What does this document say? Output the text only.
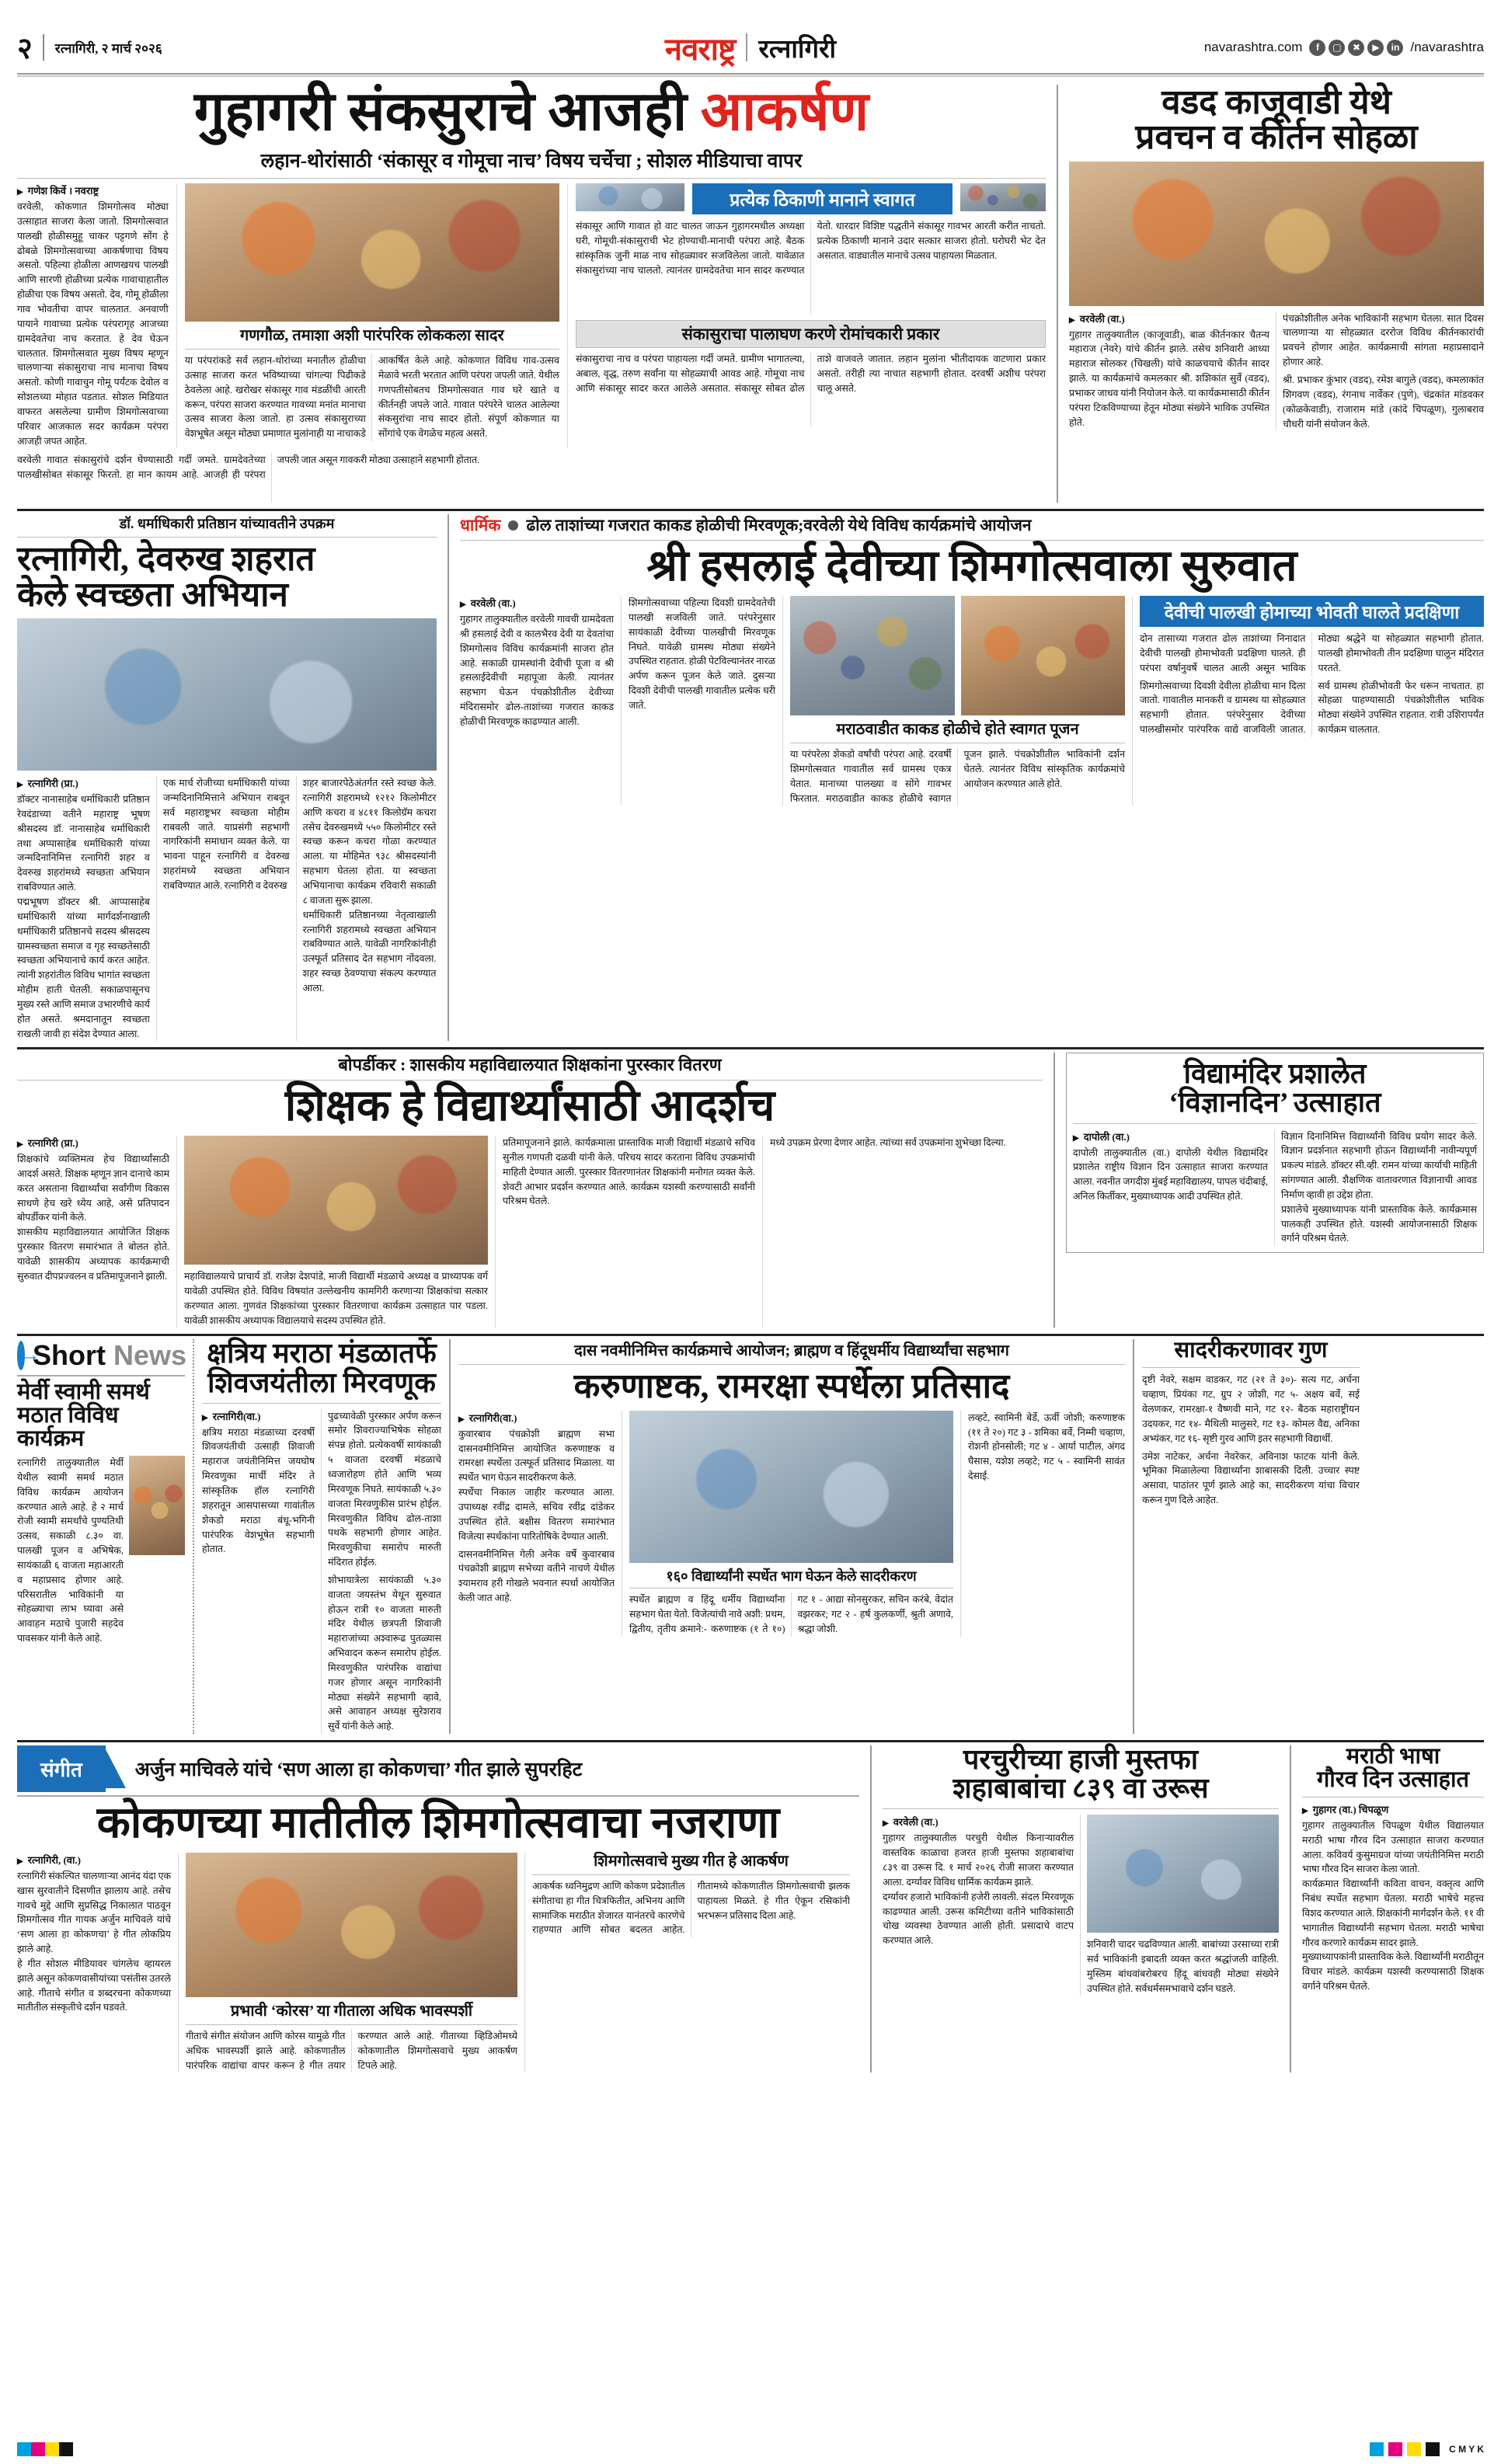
२ रत्नागिरी, २ मार्च २०२६	नवराष्ट्र रत्नागिरी	navarashtra.com	f	▢	✖	▶	in /navarashtra
गुहागरी संकसुराचे आजही आकर्षण
लहान-थोरांसाठी ‘संकासूर व गोमूचा नाच’ विषय चर्चेचा ; सोशल मीडियाचा वापर
▶ गणेश किर्वे । नवराष्ट्र
वरवेली, कोकणात शिमगोत्सव मोठ्या उत्साहात साजरा केला जातो. शिमगोत्सवात पालखी होळीसमुहू चाकर पट्टगणे सोंग हे ढोबळे शिमगोत्सवाच्या आकर्षणाचा विषय असतो. पहिल्या होळीला आणखयच पालखी आणि सारणी होळीच्या प्रत्येक गावाचाहातील होळीचा एक विषय असतो. देव, गोमू होळीला गाव भोवतीचा वापर चालतात. अनवाणी पायाने गावाच्या प्रत्येक परंपरागृह आजच्या ग्रामदेवतेचा नाच करतात. हे देव घेऊन चालतात. शिमगोत्सवात मुख्य विषय म्हणून चालणाऱ्या संकासुराचा नाच मानाचा विषय असतो. कोणी गावाचुन गोमू पर्यंटक देवोल व सोशलच्या मोहात पडतात. सोशल मिडियात वाफरत असलेल्या ग्रामीण शिमगोत्सवाच्या परिवार आजकाल सदर कार्यक्रम परंपरा आजही जपत आहेत.
गणगौळ, तमाशा अशी पारंपरिक लोककला सादर
या परंपरांकडे सर्व लहान-थोरांच्या मनातील होळीचा उत्साह साजरा करत भविष्याच्या चांगल्या पिढीकडे ठेवलेला आहे. खरोखर संकासूर गाव मंडळींची आरती करून, परंपरा साजरा करण्यात गावच्या मनांत मानाचा उत्सव साजरा केला जातो. हा उत्सव संकासुराच्या वेशभूषेत असून मोठ्या प्रमाणात मुलांनाही या नाचाकडे आकर्षित केले आहे. कोकणात विविध गाव-उत्सव मेळावे भरती भरतात आणि परंपरा जपली जाते. येथील गणपतीसोबतच शिमगोत्सवात गाव घरे खाते व कीर्तनही जपले जाते. गावात परंपरेने चालत आलेल्या संकसुरांचा नाच सादर होतो. संपूर्ण कोकणात या सोंगांचे एक वेगळेच महत्व असते.
प्रत्येक ठिकाणी मानाने स्वागत
संकासूर आणि गावात हो वाट चालत जाऊन गुहागरमधील अध्यक्षा घरी, गोमूची-संकासुराची भेट होण्याची-मानाची परंपरा आहे. बैठक सांस्कृतिक जुनी माळ नाच सोहळ्यावर सजविलेला जातो. यावेळात संकासुरांच्या नाच चालतो. त्यानंतर ग्रामदेवतेचा मान सादर करण्यात येतो. धारदार विशिष्ट पद्धतीने संकासूर गावभर आरती करीत नाचतो. प्रत्येक ठिकाणी मानाने उदार सत्कार साजरा होतो. घरोघरी भेट देत असतात. वाड्यातील मानाचे उत्सव पाहायला मिळतात.
संकासुराचा पालाघण करणे रोमांचकारी प्रकार
संकासुराचा नाच व परंपरा पाहायला गर्दी जमते. ग्रामीण भागातल्या, अबाल, वृद्ध, तरुण सर्वांना या सोहळ्याची आवड आहे. गोमूचा नाच आणि संकासूर सादर करत आलेले असतात. संकासूर सोबत ढोल ताशे वाजवले जातात. लहान मुलांना भीतीदायक वाटणारा प्रकार असतो. तरीही त्या नाचात सहभागी होतात. दरवर्षी अशीच परंपरा चालू असते.
वरवेली गावात संकासुरांचे दर्शन घेण्यासाठी गर्दी जमते. ग्रामदेवतेच्या पालखीसोबत संकासूर फिरतो. हा मान कायम आहे. आजही ही परंपरा जपली जात असून गावकरी मोठ्या उत्साहाने सहभागी होतात.
वडद काजूवाडी येथे
प्रवचन व कीर्तन सोहळा
▶ वरवेली (वा.)
गुहागर तालुक्यातील (काजूवाडी), बाळ कीर्तनकार चैतन्य महाराज (नेवरे) यांचे कीर्तन झाले. तसेच शनिवारी आध्या महाराज सोलकर (चिखली) यांचे काळचयाचे कीर्तन सादर झाले. या कार्यक्रमांचे कमलकार श्री. शशिकांत सुर्वे (वडद), प्रभाकर जाधव यांनी नियोजन केले. या कार्यक्रमासाठी कीर्तन परंपरा टिकविण्याच्या हेतून मोठ्या संख्येने भाविक उपस्थित होते.
पंचक्रोशीतील अनेक भाविकांनी सहभाग घेतला. सात दिवस चालणाऱ्या या सोहळ्यात दररोज विविध कीर्तनकारांची प्रवचने होणार आहेत. कार्यक्रमाची सांगता महाप्रसादाने होणार आहे.
श्री. प्रभाकर कुंभार (वडद), रमेश बागुले (वडद), कमलाकांत शिगवण (वडद), रंगनाथ नार्वेकर (पुणे), चंद्रकांत मांडवकर (कोळकेवाडी), राजाराम मांडे (कांदे चिपळूण), गुलाबराव चौधरी यांनी संयोजन केले.
डॉ. धर्माधिकारी प्रतिष्ठान यांच्यावतीने उपक्रम
रत्नागिरी, देवरुख शहरात
केले स्वच्छता अभियान
▶ रत्नागिरी (प्रा.)
डॉक्टर नानासाहेब धर्माधिकारी प्रतिष्ठान रेवदंडाच्या वतीने महाराष्ट्र भूषण श्रीसदस्य डॉ. नानासाहेब धर्माधिकारी तथा अप्पासाहेब धर्माधिकारी यांच्या जन्मदिनानिमित्त रत्नागिरी शहर व देवरुख शहरांमध्ये स्वच्छता अभियान राबविण्यात आले.
पद्मभूषण डॉक्टर श्री. आप्पासाहेब धर्माधिकारी यांच्या मार्गदर्शनाखाली धर्माधिकारी प्रतिष्ठानचे सदस्य श्रीसदस्य ग्रामस्वच्छता समाज व गृह स्वच्छतेसाठी स्वच्छता अभियानाचे कार्य करत आहेत. त्यांनी शहरांतील विविध भागांत स्वच्छता मोहीम हाती घेतली. सकाळपासूनच मुख्य रस्ते आणि समाज उभारणीचे कार्य होत असते. श्रमदानातून स्वच्छता राखली जावी हा संदेश देण्यात आला.
एक मार्च रोजीच्या धर्माधिकारी यांच्या जन्मदिनानिमित्ताने अभियान राबवून सर्व महाराष्ट्रभर स्वच्छता मोहीम राबवली जाते. याप्रसंगी सहभागी नागरिकांनी समाधान व्यक्त केले. या भावना पाहून रत्नागिरी व देवरुख शहरांमध्ये स्वच्छता अभियान राबविण्यात आले. रत्नागिरी व देवरुख
शहर बाजारपेठेअंतर्गत रस्ते स्वच्छ केले. रत्नागिरी शहरामध्ये १२१२ किलोमीटर आणि कचरा व ४८११ किलोग्रॅम कचरा तसेच देवरुखमध्ये ५५० किलोमीटर रस्ते स्वच्छ करून कचरा गोळा करण्यात आला. या मोहिमेत ९३८ श्रीसदस्यांनी सहभाग घेतला होता. या स्वच्छता अभियानाचा कार्यक्रम रविवारी सकाळी ८ वाजता सुरू झाला.
धर्माधिकारी प्रतिष्ठानच्या नेतृत्वाखाली रत्नागिरी शहरामध्ये स्वच्छता अभियान राबविण्यात आले. यावेळी नागरिकांनीही उत्स्फूर्त प्रतिसाद देत सहभाग नोंदवला. शहर स्वच्छ ठेवण्याचा संकल्प करण्यात आला.
धार्मिक ढोल ताशांच्या गजरात काकड होळीची मिरवणूक;वरवेली येथे विविध कार्यक्रमांचे आयोजन
श्री हसलाई देवीच्या शिमगोत्सवाला सुरुवात
▶ वरवेली (वा.)
गुहागर तालुक्यातील वरवेली गावची ग्रामदेवता श्री हसलाई देवी व कालभैरव देवी या देवतांचा शिमगोत्सव विविध कार्यक्रमांनी साजरा होत आहे. सकाळी ग्रामस्थांनी देवीची पूजा व श्री हसलाईदेवीची महापूजा केली. त्यानंतर सहभाग घेऊन पंचक्रोशीतील देवीच्या मंदिरासमोर ढोल-ताशांच्या गजरात काकड होळीची मिरवणूक काढण्यात आली.
शिमगोत्सवाच्या पहिल्या दिवशी ग्रामदेवतेची पालखी सजविली जाते. परंपरेनुसार सायंकाळी देवीच्या पालखीची मिरवणूक निघते. यावेळी ग्रामस्थ मोठ्या संख्येने उपस्थित राहतात. होळी पेटविल्यानंतर नारळ अर्पण करून पूजन केले जाते. दुसऱ्या दिवशी देवीची पालखी गावातील प्रत्येक घरी जाते.
मराठवाडीत काकड होळीचे होते स्वागत पूजन
या परंपरेला शेकडो वर्षांची परंपरा आहे. दरवर्षी शिमगोत्सवात गावातील सर्व ग्रामस्थ एकत्र येतात. मानाच्या पालख्या व सोंगे गावभर फिरतात. मराठवाडीत काकड होळीचे स्वागत पूजन झाले. पंचक्रोशीतील भाविकांनी दर्शन घेतले. त्यानंतर विविध सांस्कृतिक कार्यक्रमांचे आयोजन करण्यात आले होते.
देवीची पालखी होमाच्या भोवती घालते प्रदक्षिणा
दोन तासाच्या गजरात ढोल ताशांच्या निनादात देवीची पालखी होमाभोवती प्रदक्षिणा घालते. ही परंपरा वर्षानुवर्षे चालत आली असून भाविक मोठ्या श्रद्धेने या सोहळ्यात सहभागी होतात. पालखी होमाभोवती तीन प्रदक्षिणा घालून मंदिरात परतते.
शिमगोत्सवाच्या दिवशी देवीला होळीचा मान दिला जातो. गावातील मानकरी व ग्रामस्थ या सोहळ्यात सहभागी होतात. परंपरेनुसार देवीच्या पालखीसमोर पारंपरिक वाद्ये वाजविली जातात. सर्व ग्रामस्थ होळीभोवती फेर धरून नाचतात. हा सोहळा पाहण्यासाठी पंचक्रोशीतील भाविक मोठ्या संख्येने उपस्थित राहतात. रात्री उशिरापर्यंत कार्यक्रम चालतात.
बोपर्डीकर : शासकीय महाविद्यालयात शिक्षकांना पुरस्कार वितरण
शिक्षक हे विद्यार्थ्यांसाठी आदर्शच
▶ रत्नागिरी (प्रा.)
शिक्षकांचे व्यक्तिमत्व हेच विद्यार्थ्यांसाठी आदर्श असते. शिक्षक म्हणून ज्ञान दानाचे काम करत असताना विद्यार्थ्यांचा सर्वांगीण विकास साधणे हेच खरे ध्येय आहे, असे प्रतिपादन बोपर्डीकर यांनी केले.
शासकीय महाविद्यालयात आयोजित शिक्षक पुरस्कार वितरण समारंभात ते बोलत होते. यावेळी शासकीय अध्यापक कार्यक्रमाची सुरुवात दीपप्रज्वलन व प्रतिमापूजनाने झाली. महाविद्यालयाचे प्राचार्य डॉ. राजेश देशपांडे, माजी विद्यार्थी मंडळाचे अध्यक्ष व प्राध्यापक वर्ग यावेळी उपस्थित होते. विविध विषयांत उल्लेखनीय कामगिरी करणाऱ्या शिक्षकांचा सत्कार करण्यात आला. गुणवंत शिक्षकांच्या पुरस्कार वितरणाचा कार्यक्रम उत्साहात पार पडला. यावेळी शासकीय अध्यापक विद्यालयाचे सदस्य उपस्थित होते.
प्रतिमापूजनाने झाले. कार्यक्रमाला प्रास्ताविक माजी विद्यार्थी मंडळाचे सचिव सुनील गणपती दळवी यांनी केले. परिचय सादर करताना विविध उपक्रमांची माहिती देण्यात आली. पुरस्कार वितरणानंतर शिक्षकांनी मनोगत व्यक्त केले. शेवटी आभार प्रदर्शन करण्यात आले. कार्यक्रम यशस्वी करण्यासाठी सर्वांनी परिश्रम घेतले.
मध्ये उपक्रम प्रेरणा देणार आहेत. त्यांच्या सर्व उपक्रमांना शुभेच्छा दिल्या.
विद्यामंदिर प्रशालेत
‘विज्ञानदिन’ उत्साहात
▶ दापोली (वा.)
दापोली तालुक्यातील (वा.) दापोली येथील विद्यामंदिर प्रशालेत राष्ट्रीय विज्ञान दिन उत्साहात साजरा करण्यात आला. नवनीत जगदीश मुंबई महाविद्यालय, पापल चंदीबाई, अनिल किर्तीकर, मुख्याध्यापक आदी उपस्थित होते.
विज्ञान दिनानिमित्त विद्यार्थ्यांनी विविध प्रयोग सादर केले. विज्ञान प्रदर्शनात सहभागी होऊन विद्यार्थ्यांनी नावीन्यपूर्ण प्रकल्प मांडले. डॉक्टर सी.व्ही. रामन यांच्या कार्याची माहिती सांगण्यात आली. शैक्षणिक वातावरणात विज्ञानाची आवड निर्माण व्हावी हा उद्देश होता.
प्रशालेचे मुख्याध्यापक यांनी प्रास्ताविक केले. कार्यक्रमास पालकही उपस्थित होते. यशस्वी आयोजनासाठी शिक्षक वर्गाने परिश्रम घेतले.
→
Short News
मेर्वी स्वामी समर्थ
मठात विविध कार्यक्रम
रत्नागिरी तालुक्यातील मेर्वी येथील स्वामी समर्थ मठात विविध कार्यक्रम आयोजन करण्यात आले आहे. हे २ मार्च रोजी स्वामी समर्थांचे पुण्यतिथी उत्सव, सकाळी ८.३० वा. पालखी पूजन व अभिषेक, सायंकाळी ६ वाजता महाआरती व महाप्रसाद होणार आहे. परिसरातील भाविकांनी या सोहळ्याचा लाभ घ्यावा असे आवाहन मठाचे पुजारी सहदेव पावसकर यांनी केले आहे.
क्षत्रिय मराठा मंडळातर्फे
शिवजयंतीला मिरवणूक
▶ रत्नागिरी(वा.)
क्षत्रिय मराठा मंडळाच्या दरवर्षी शिवजयंतीची उत्साही शिवाजी महाराज जयंतीनिमित्त जयघोष मिरवणुका मार्ची मंदिर ते सांस्कृतिक हॉल रत्नागिरी शहरातून आसपासच्या गावांतील शेकडो मराठा बंधू-भगिनी पारंपरिक वेशभूषेत सहभागी होतात.
पुढच्यावेळी पुरस्कार अर्पण करून समोर शिवराज्याभिषेक सोहळा संपन्न होतो. प्रत्येकवर्षी सायंकाळी ५ वाजता दरवर्षी मंडळाचे ध्वजारोहण होते आणि भव्य मिरवणूक निघते. सायंकाळी ५.३० वाजता मिरवणुकीस प्रारंभ होईल. मिरवणुकीत विविध ढोल-ताशा पथके सहभागी होणार आहेत. मिरवणुकीचा समारोप मारुती मंदिरात होईल.
शोभायात्रेला सायंकाळी ५.३० वाजता जयस्तंभ येथून सुरुवात होऊन रात्री १० वाजता मारुती मंदिर येथील छत्रपती शिवाजी महाराजांच्या अश्वारूढ पुतळ्यास अभिवादन करून समारोप होईल. मिरवणुकीत पारंपरिक वाद्यांचा गजर होणार असून नागरिकांनी मोठ्या संख्येने सहभागी व्हावे, असे आवाहन अध्यक्ष सुरेशराव सुर्वे यांनी केले आहे.
दास नवमीनिमित्त कार्यक्रमाचे आयोजन; ब्राह्मण व हिंदूधर्मीय विद्यार्थ्यांचा सहभाग
करुणाष्टक, रामरक्षा स्पर्धेला प्रतिसाद
▶ रत्नागिरी(वा.)
कुवारबाव पंचक्रोशी ब्राह्मण सभा दासनवमीनिमित्त आयोजित करुणाष्टक व रामरक्षा स्पर्धेला उत्स्फूर्त प्रतिसाद मिळाला. या स्पर्धेत भाग घेऊन सादरीकरण केले.
स्पर्धेचा निकाल जाहीर करण्यात आला. उपाध्यक्ष रवींद्र दामले, सचिव रवींद्र दांडेकर उपस्थित होते. बक्षीस वितरण समारंभात विजेत्या स्पर्धकांना पारितोषिके देण्यात आली.
दासनवमीनिमित्त गेली अनेक वर्षे कुवारबाव पंचक्रोशी ब्राह्मण सभेच्या वतीने नाचणे येथील श्यामराव हरी गोखले भवनात स्पर्धा आयोजित केली जात आहे.
१६० विद्यार्थ्यांनी स्पर्धेत भाग घेऊन केले सादरीकरण
स्पर्धेत ब्राह्मण व हिंदू धर्मीय विद्यार्थ्यांना सहभाग घेता येतो. विजेत्यांची नावे अशी: प्रथम, द्वितीय, तृतीय क्रमाने:- करुणाष्टक (१ ते १०) गट १ - आद्या सोनसुरकर, सचिन करंबे, वेदांत वझरकर; गट २ - हर्ष कुलकर्णी, श्रुती अणावे, श्रद्धा जोशी.
लव्हटे, स्वामिनी बेर्डे, ऊर्वी जोशी; करुणाष्टक (११ ते २०) गट ३ - शमिका बर्वे, निम्मी चव्हाण, रोशनी होनसोली; गट ४ - आर्या पाटील, अंगद घैसास, यशेश लव्हटे; गट ५ - स्वामिनी सावंत देसाई.
सादरीकरणावर गुण
दृष्टी नेवरे, सक्षम वाडकर, गट (२१ ते ३०)- सत्य गट, अर्चना चव्हाण, प्रियंका गट, ग्रुप २ जोशी, गट ५- अक्षय बर्वे, सई वेलणकर, रामरक्षा-१ वैष्णवी माने, गट १२- बैठक महाराष्ट्रीयन उदयकर, गट १४- मैथिली मालुसरे, गट १३- कोमल वैद्य, अनिका अभ्यंकर, गट १६- सृष्टी गुरव आणि इतर सहभागी विद्यार्थी.
उमेश नाटेकर, अर्चना नेवरेकर, अविनाश फाटक यांनी केले. भूमिका मिळालेल्या विद्यार्थ्यांना शाबासकी दिली. उच्चार स्पष्ट असावा, पाठांतर पूर्ण झाले आहे का, सादरीकरण यांचा विचार करून गुण दिले आहेत.
संगीत	अर्जुन माचिवले यांचे ‘सण आला हा कोकणचा’ गीत झाले सुपरहिट
कोकणच्या मातीतील शिमगोत्सवाचा नजराणा
▶ रत्नागिरी, (वा.)
रत्नागिरी संकल्पित चालणाऱ्या आनंद यंदा एक खास सुरवातीने दिसणीत झालाय आहे. तसेच गावचे मुद्दे आणि सुप्रसिद्ध निकालात पाठवून शिमगोत्सव गीत गायक अर्जुन माचिवले यांचे ‘सण आला हा कोकणचा’ हे गीत लोकप्रिय झाले आहे.
हे गीत सोशल मीडियावर चांगलेच व्हायरल झाले असून कोकणवासीयांच्या पसंतीस उतरले आहे. गीताचे संगीत व शब्दरचना कोकणच्या मातीतील संस्कृतीचे दर्शन घडवते.	प्रभावी ‘कोरस’ या गीताला अधिक भावस्पर्शी
गीताचे संगीत संयोजन आणि कोरस यामुळे गीत अधिक भावस्पर्शी झाले आहे. कोकणातील पारंपरिक वाद्यांचा वापर करून हे गीत तयार करण्यात आले आहे. गीताच्या व्हिडिओमध्ये कोकणातील शिमगोत्सवाचे मुख्य आकर्षण टिपले आहे.
शिमगोत्सवाचे मुख्य गीत हे आकर्षण
आकर्षक ध्वनिमुद्रण आणि कोकण प्रदेशातील संगीताचा हा गीत चित्रफितीत, अभिनय आणि सामाजिक मराठीत शेजारत यानंतरचे कारणेचे राहण्यात आणि सोबत बदलत आहेत. गीतामध्ये कोकणातील शिमगोत्सवाची झलक पाहायला मिळते. हे गीत ऐकून रसिकांनी भरभरून प्रतिसाद दिला आहे.
परचुरीच्या हाजी मुस्तफा
शहाबाबांचा ८३९ वा उरूस
▶ वरवेली (वा.)
गुहागर तालुक्यातील परचुरी येथील किनाऱ्यावरील वास्तविक काळाचा हजरत हाजी मुस्तफा शहाबाबांचा ८३९ वा उरूस दि. १ मार्च २०२६ रोजी साजरा करण्यात आला. दर्ग्यावर विविध धार्मिक कार्यक्रम झाले.
दर्ग्यावर हजारो भाविकांनी हजेरी लावली. संदल मिरवणूक काढण्यात आली. उरूस कमिटीच्या वतीने भाविकांसाठी चोख व्यवस्था ठेवण्यात आली होती. प्रसादाचे वाटप करण्यात आले.	शनिवारी चादर चढविण्यात आली. बाबांच्या उरसाच्या रात्री सर्व भाविकांनी इबादती व्यक्त करत श्रद्धांजली वाहिली. मुस्लिम बांधवांबरोबरच हिंदू बांधवही मोठ्या संख्येने उपस्थित होते. सर्वधर्मसमभावाचे दर्शन घडले.
मराठी भाषा
गौरव दिन उत्साहात
▶ गुहागर (वा.) चिपळूण
गुहागर तालुक्यातील चिपळूण येथील विद्यालयात मराठी भाषा गौरव दिन उत्साहात साजरा करण्यात आला. कविवर्य कुसुमाग्रज यांच्या जयंतीनिमित्त मराठी भाषा गौरव दिन साजरा केला जातो.
कार्यक्रमात विद्यार्थ्यांनी कविता वाचन, वक्तृत्व आणि निबंध स्पर्धेत सहभाग घेतला. मराठी भाषेचे महत्त्व विशद करण्यात आले. शिक्षकांनी मार्गदर्शन केले. ११ वी भागातील विद्यार्थ्यांनी सहभाग घेतला. मराठी भाषेचा गौरव करणारे कार्यक्रम सादर झाले.
मुख्याध्यापकांनी प्रास्ताविक केले. विद्यार्थ्यांनी मराठीतून विचार मांडले. कार्यक्रम यशस्वी करण्यासाठी शिक्षक वर्गाने परिश्रम घेतले.
C M Y K
